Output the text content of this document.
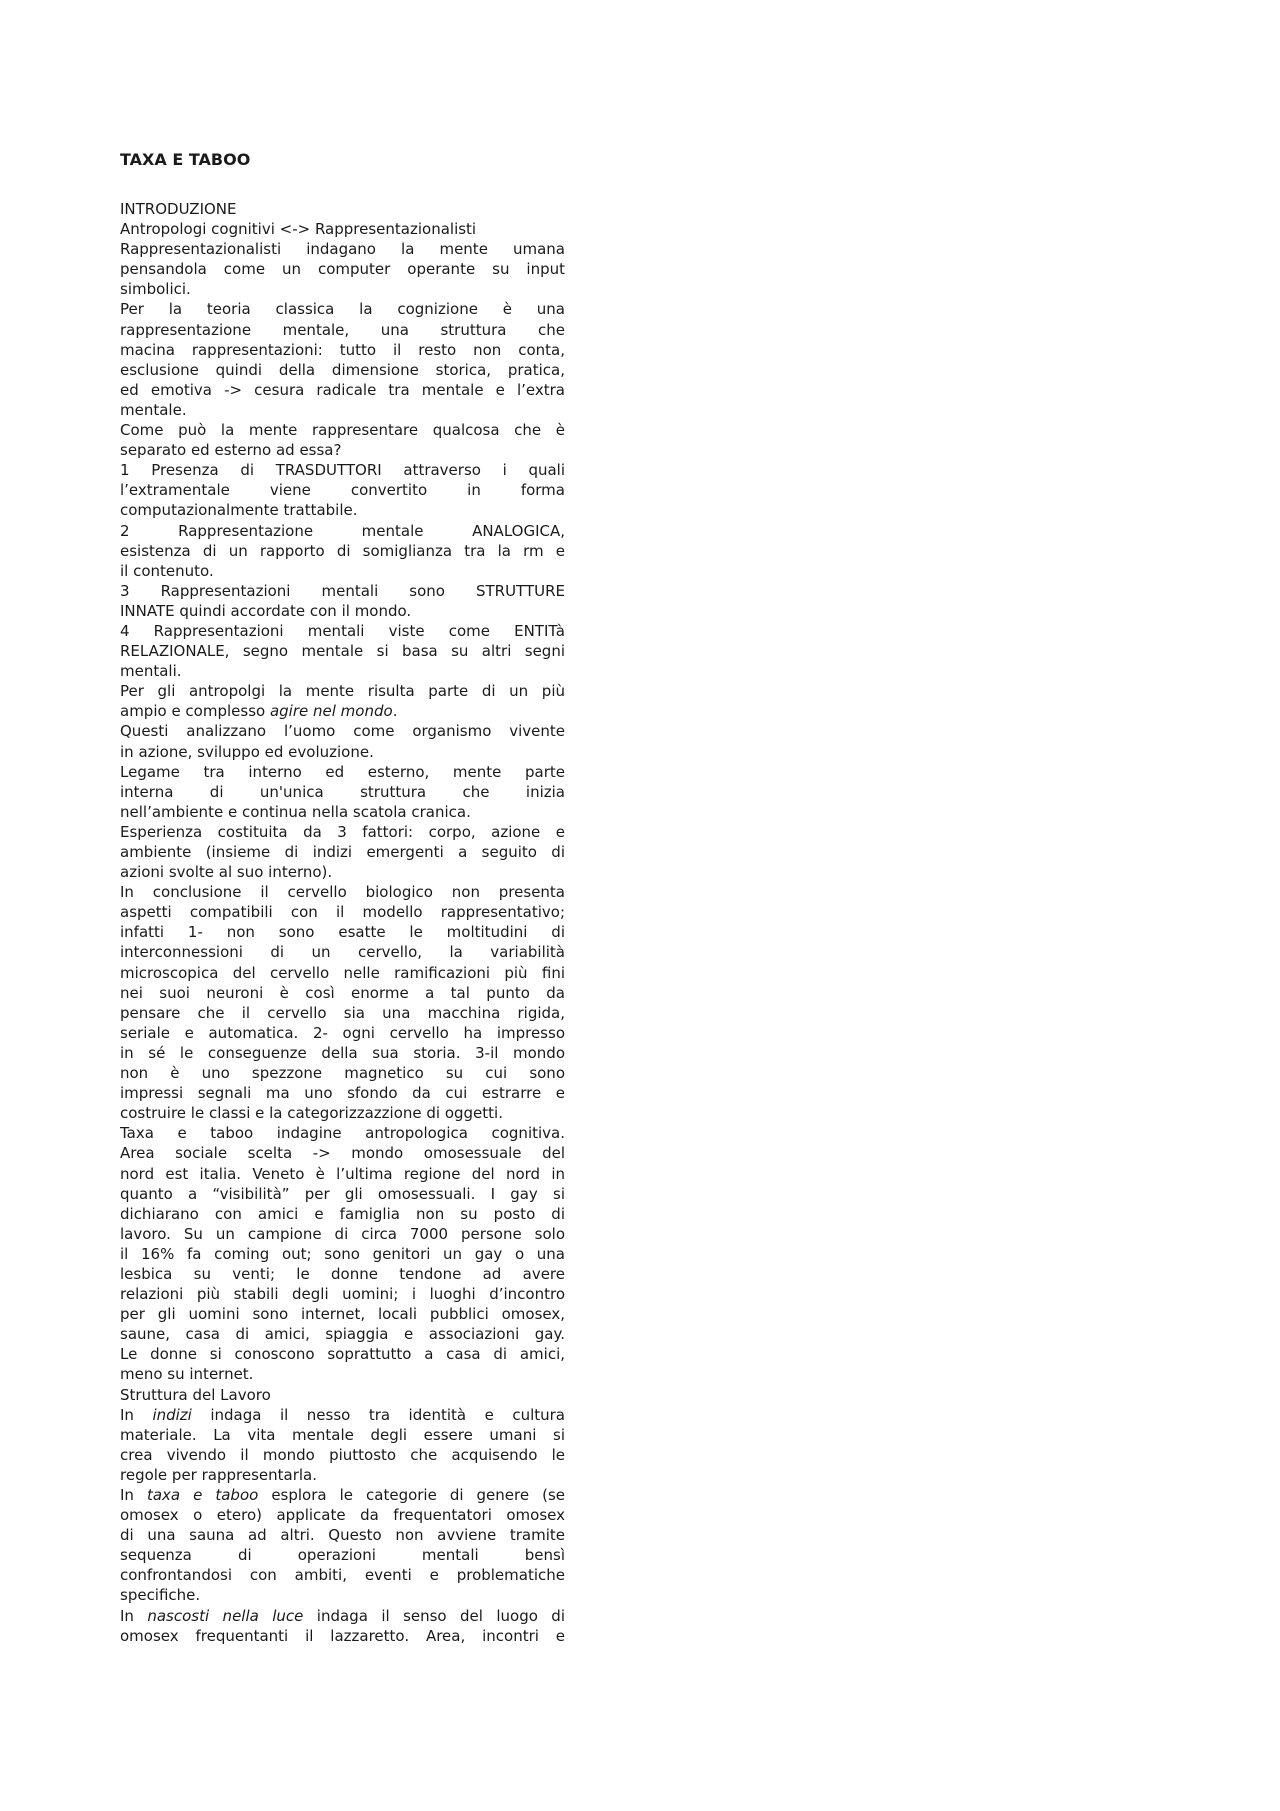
TAXA E TABOO

INTRODUZIONE

Antropologi cognitivi <-> Rappresentazionalisti

Rappresentazionalisti indagano la mente umana

pensandola come un computer operante su input

simbolici.

Per la teoria classica la cognizione è una

rappresentazione mentale, una struttura che

macina rappresentazioni: tutto il resto non conta,

esclusione quindi della dimensione storica, pratica,

ed emotiva -> cesura radicale tra mentale e l’extra

mentale.

Come può la mente rappresentare qualcosa che è

separato ed esterno ad essa?

1 Presenza di TRASDUTTORI attraverso i quali

l’extramentale viene convertito in forma

computazionalmente trattabile.

2 Rappresentazione mentale ANALOGICA,

esistenza di un rapporto di somiglianza tra la rm e

il contenuto.

3 Rappresentazioni mentali sono STRUTTURE

INNATE quindi accordate con il mondo.

4 Rappresentazioni mentali viste come ENTITà

RELAZIONALE, segno mentale si basa su altri segni

mentali.

Per gli antropolgi la mente risulta parte di un più

ampio e complesso agire nel mondo.

Questi analizzano l’uomo come organismo vivente

in azione, sviluppo ed evoluzione.

Legame tra interno ed esterno, mente parte

interna di un'unica struttura che inizia

nell’ambiente e continua nella scatola cranica.

Esperienza costituita da 3 fattori: corpo, azione e

ambiente (insieme di indizi emergenti a seguito di

azioni svolte al suo interno).

In conclusione il cervello biologico non presenta

aspetti compatibili con il modello rappresentativo;

infatti 1- non sono esatte le moltitudini di

interconnessioni di un cervello, la variabilità

microscopica del cervello nelle ramificazioni più fini

nei suoi neuroni è così enorme a tal punto da

pensare che il cervello sia una macchina rigida,

seriale e automatica. 2- ogni cervello ha impresso

in sé le conseguenze della sua storia. 3-il mondo

non è uno spezzone magnetico su cui sono

impressi segnali ma uno sfondo da cui estrarre e

costruire le classi e la categorizzazzione di oggetti.

Taxa e taboo indagine antropologica cognitiva.

Area sociale scelta -> mondo omosessuale del

nord est italia. Veneto è l’ultima regione del nord in

quanto a “visibilità” per gli omosessuali. I gay si

dichiarano con amici e famiglia non su posto di

lavoro. Su un campione di circa 7000 persone solo

il 16% fa coming out; sono genitori un gay o una

lesbica su venti; le donne tendone ad avere

relazioni più stabili degli uomini; i luoghi d’incontro

per gli uomini sono internet, locali pubblici omosex,

saune, casa di amici, spiaggia e associazioni gay.

Le donne si conoscono soprattutto a casa di amici,

meno su internet.

Struttura del Lavoro

In indizi indaga il nesso tra identità e cultura

materiale. La vita mentale degli essere umani si

crea vivendo il mondo piuttosto che acquisendo le

regole per rappresentarla.

In taxa e taboo esplora le categorie di genere (se

omosex o etero) applicate da frequentatori omosex

di una sauna ad altri. Questo non avviene tramite

sequenza di operazioni mentali bensì

confrontandosi con ambiti, eventi e problematiche

specifiche.

In nascosti nella luce indaga il senso del luogo di

omosex frequentanti il lazzaretto. Area, incontri e
